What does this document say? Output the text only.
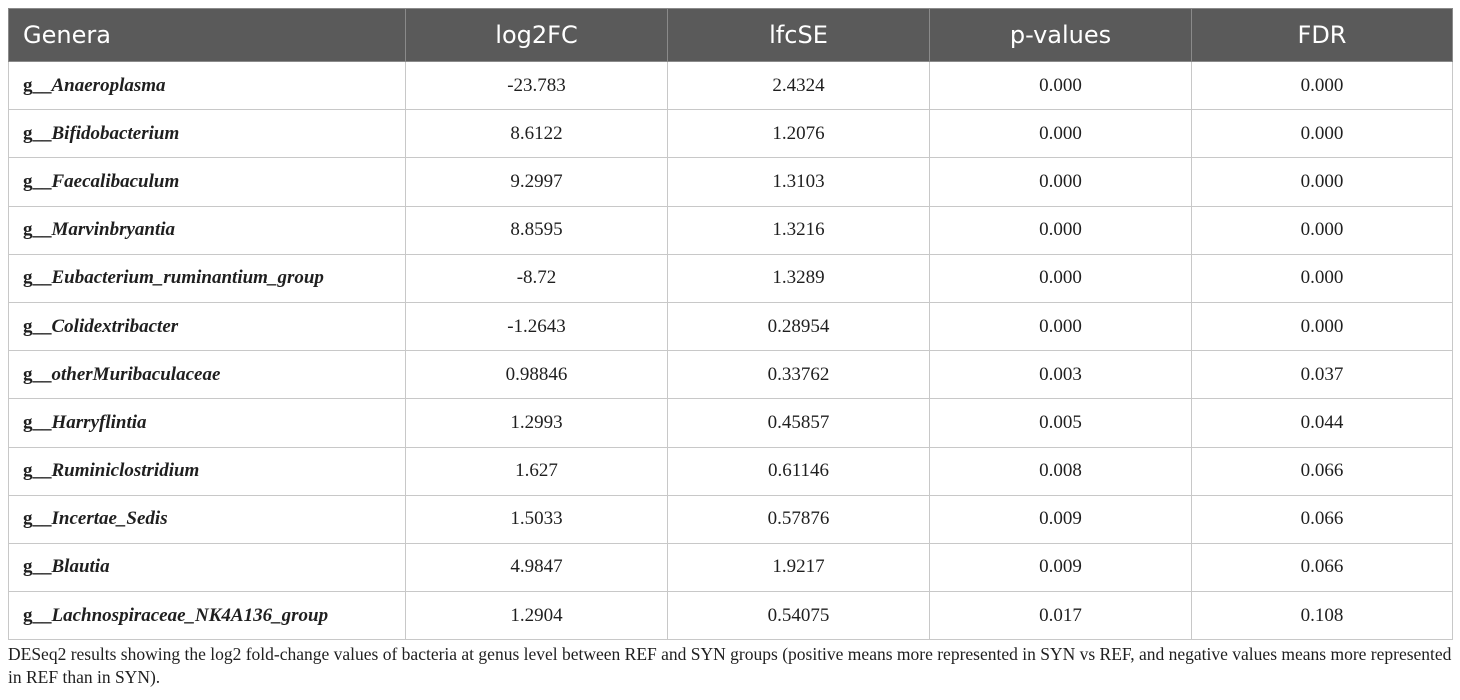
Genera	log2FC	lfcSE	p-values	FDR
g__Anaeroplasma	-23.783	2.4324	0.000	0.000
g__Bifidobacterium	8.6122	1.2076	0.000	0.000
g__Faecalibaculum	9.2997	1.3103	0.000	0.000
g__Marvinbryantia	8.8595	1.3216	0.000	0.000
g__Eubacterium_ruminantium_group	-8.72	1.3289	0.000	0.000
g__Colidextribacter	-1.2643	0.28954	0.000	0.000
g__otherMuribaculaceae	0.98846	0.33762	0.003	0.037
g__Harryflintia	1.2993	0.45857	0.005	0.044
g__Ruminiclostridium	1.627	0.61146	0.008	0.066
g__Incertae_Sedis	1.5033	0.57876	0.009	0.066
g__Blautia	4.9847	1.9217	0.009	0.066
g__Lachnospiraceae_NK4A136_group	1.2904	0.54075	0.017	0.108
DESeq2 results showing the log2 fold-change values of bacteria at genus level between REF and SYN groups (positive means more represented in SYN vs REF, and negative values means more represented in REF than in SYN).
